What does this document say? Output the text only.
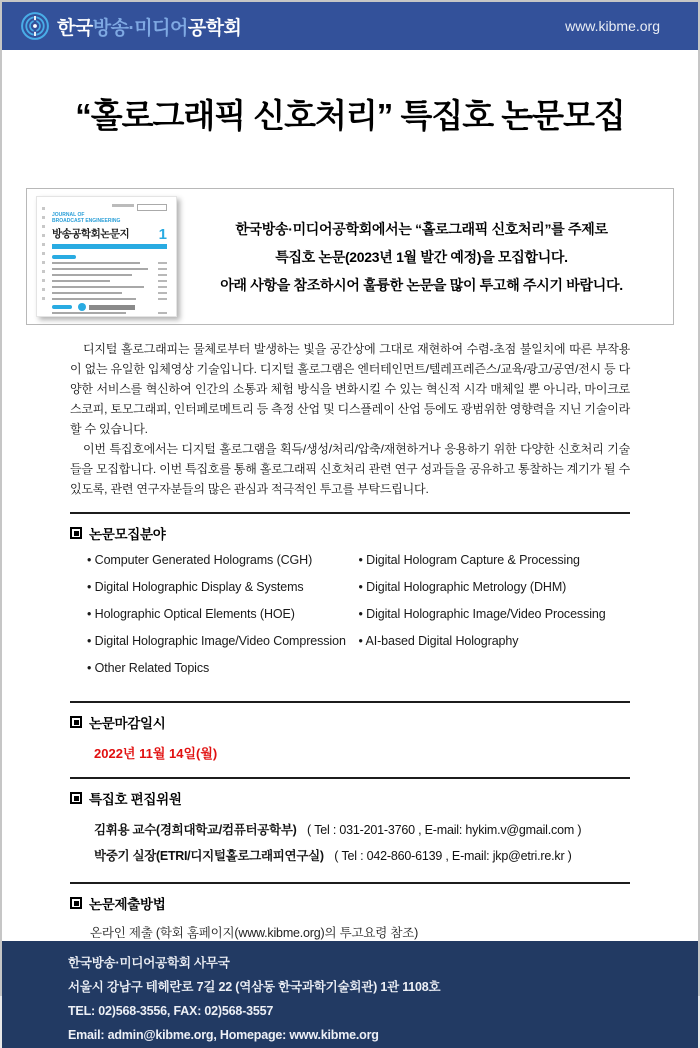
한국방송·미디어공학회	www.kibme.org
“홀로그래픽 신호처리” 특집호 논문모집
JOURNAL OF
BROADCAST ENGINEERING
방송공학회논문지 1	한국방송·미디어공학회에서는 “홀로그래픽 신호처리”를 주제로
특집호 논문(2023년 1월 발간 예정)을 모집합니다.
아래 사항을 참조하시어 훌륭한 논문을 많이 투고해 주시기 바랍니다.

디지털 홀로그래피는 물체로부터 발생하는 빛을 공간상에 그대로 재현하여 수렴-초점 불일치에 따른 부작용이 없는 유일한 입체영상 기술입니다. 디지털 홀로그램은 엔터테인먼트/텔레프레즌스/교육/광고/공연/전시 등 다양한 서비스를 혁신하여 인간의 소통과 체험 방식을 변화시킬 수 있는 혁신적 시각 매체일 뿐 아니라, 마이크로스코피, 토모그래피, 인터페로메트리 등 측정 산업 및 디스플레이 산업 등에도 광범위한 영향력을 지닌 기술이라 할 수 있습니다.

이번 특집호에서는 디지털 홀로그램을 획득/생성/처리/압축/재현하거나 응용하기 위한 다양한 신호처리 기술들을 모집합니다. 이번 특집호를 통해 홀로그래픽 신호처리 관련 연구 성과들을 공유하고 통찰하는 계기가 될 수 있도록, 관련 연구자분들의 많은 관심과 적극적인 투고를 부탁드립니다.

논문모집분야
• Computer Generated Holograms (CGH)
• Digital Holographic Display & Systems
• Holographic Optical Elements (HOE)
• Digital Holographic Image/Video Compression
• Other Related Topics
• Digital Hologram Capture & Processing
• Digital Holographic Metrology (DHM)
• Digital Holographic Image/Video Processing
• AI-based Digital Holography
논문마감일시
2022년 11월 14일(월)
특집호 편집위원
김휘용 교수(경희대학교/컴퓨터공학부) ( Tel : 031-201-3760 , E-mail: hykim.v@gmail.com )
박중기 실장(ETRI/디지털홀로그래피연구실) ( Tel : 042-860-6139 , E-mail: jkp@etri.re.kr )
논문제출방법
온라인 제출 (학회 홈페이지(www.kibme.org)의 투고요령 참조)
한국방송·미디어공학회 사무국
서울시 강남구 테헤란로 7길 22 (역삼동 한국과학기술회관) 1관 1108호
TEL: 02)568-3556, FAX: 02)568-3557
Email: admin@kibme.org, Homepage: www.kibme.org
